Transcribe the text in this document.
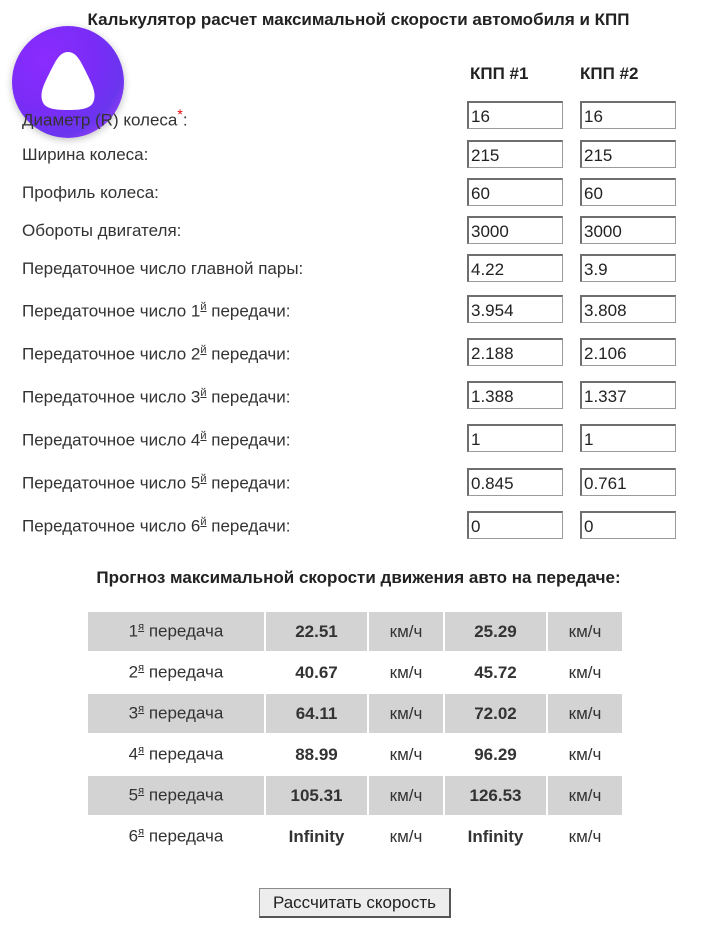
Калькулятор расчет максимальной скорости автомобиля и КПП
КПП #1	КПП #2
Диаметр (R) колеса*:
16
16
Ширина колеса:
215
215
Профиль колеса:
60
60
Обороты двигателя:
3000
3000
Передаточное число главной пары:
4.22
3.9
Передаточное число $1^й$ передачи:
3.954
3.808
Передаточное число $2^й$ передачи:
2.188
2.106
Передаточное число $3^й$ передачи:
1.388
1.337
Передаточное число $4^й$ передачи:
1
1
Передаточное число $5^й$ передачи:
0.845
0.761
Передаточное число $6^й$ передачи:
0
0
Прогноз максимальной скорости движения авто на передаче:
$1^я$ передача	22.51	км/ч	25.29	км/ч
$2^я$ передача	40.67	км/ч	45.72	км/ч
$3^я$ передача	64.11	км/ч	72.02	км/ч
$4^я$ передача	88.99	км/ч	96.29	км/ч
$5^я$ передача	105.31	км/ч	126.53	км/ч
$6^я$ передача	Infinity	км/ч	Infinity	км/ч
Рассчитать скорость
